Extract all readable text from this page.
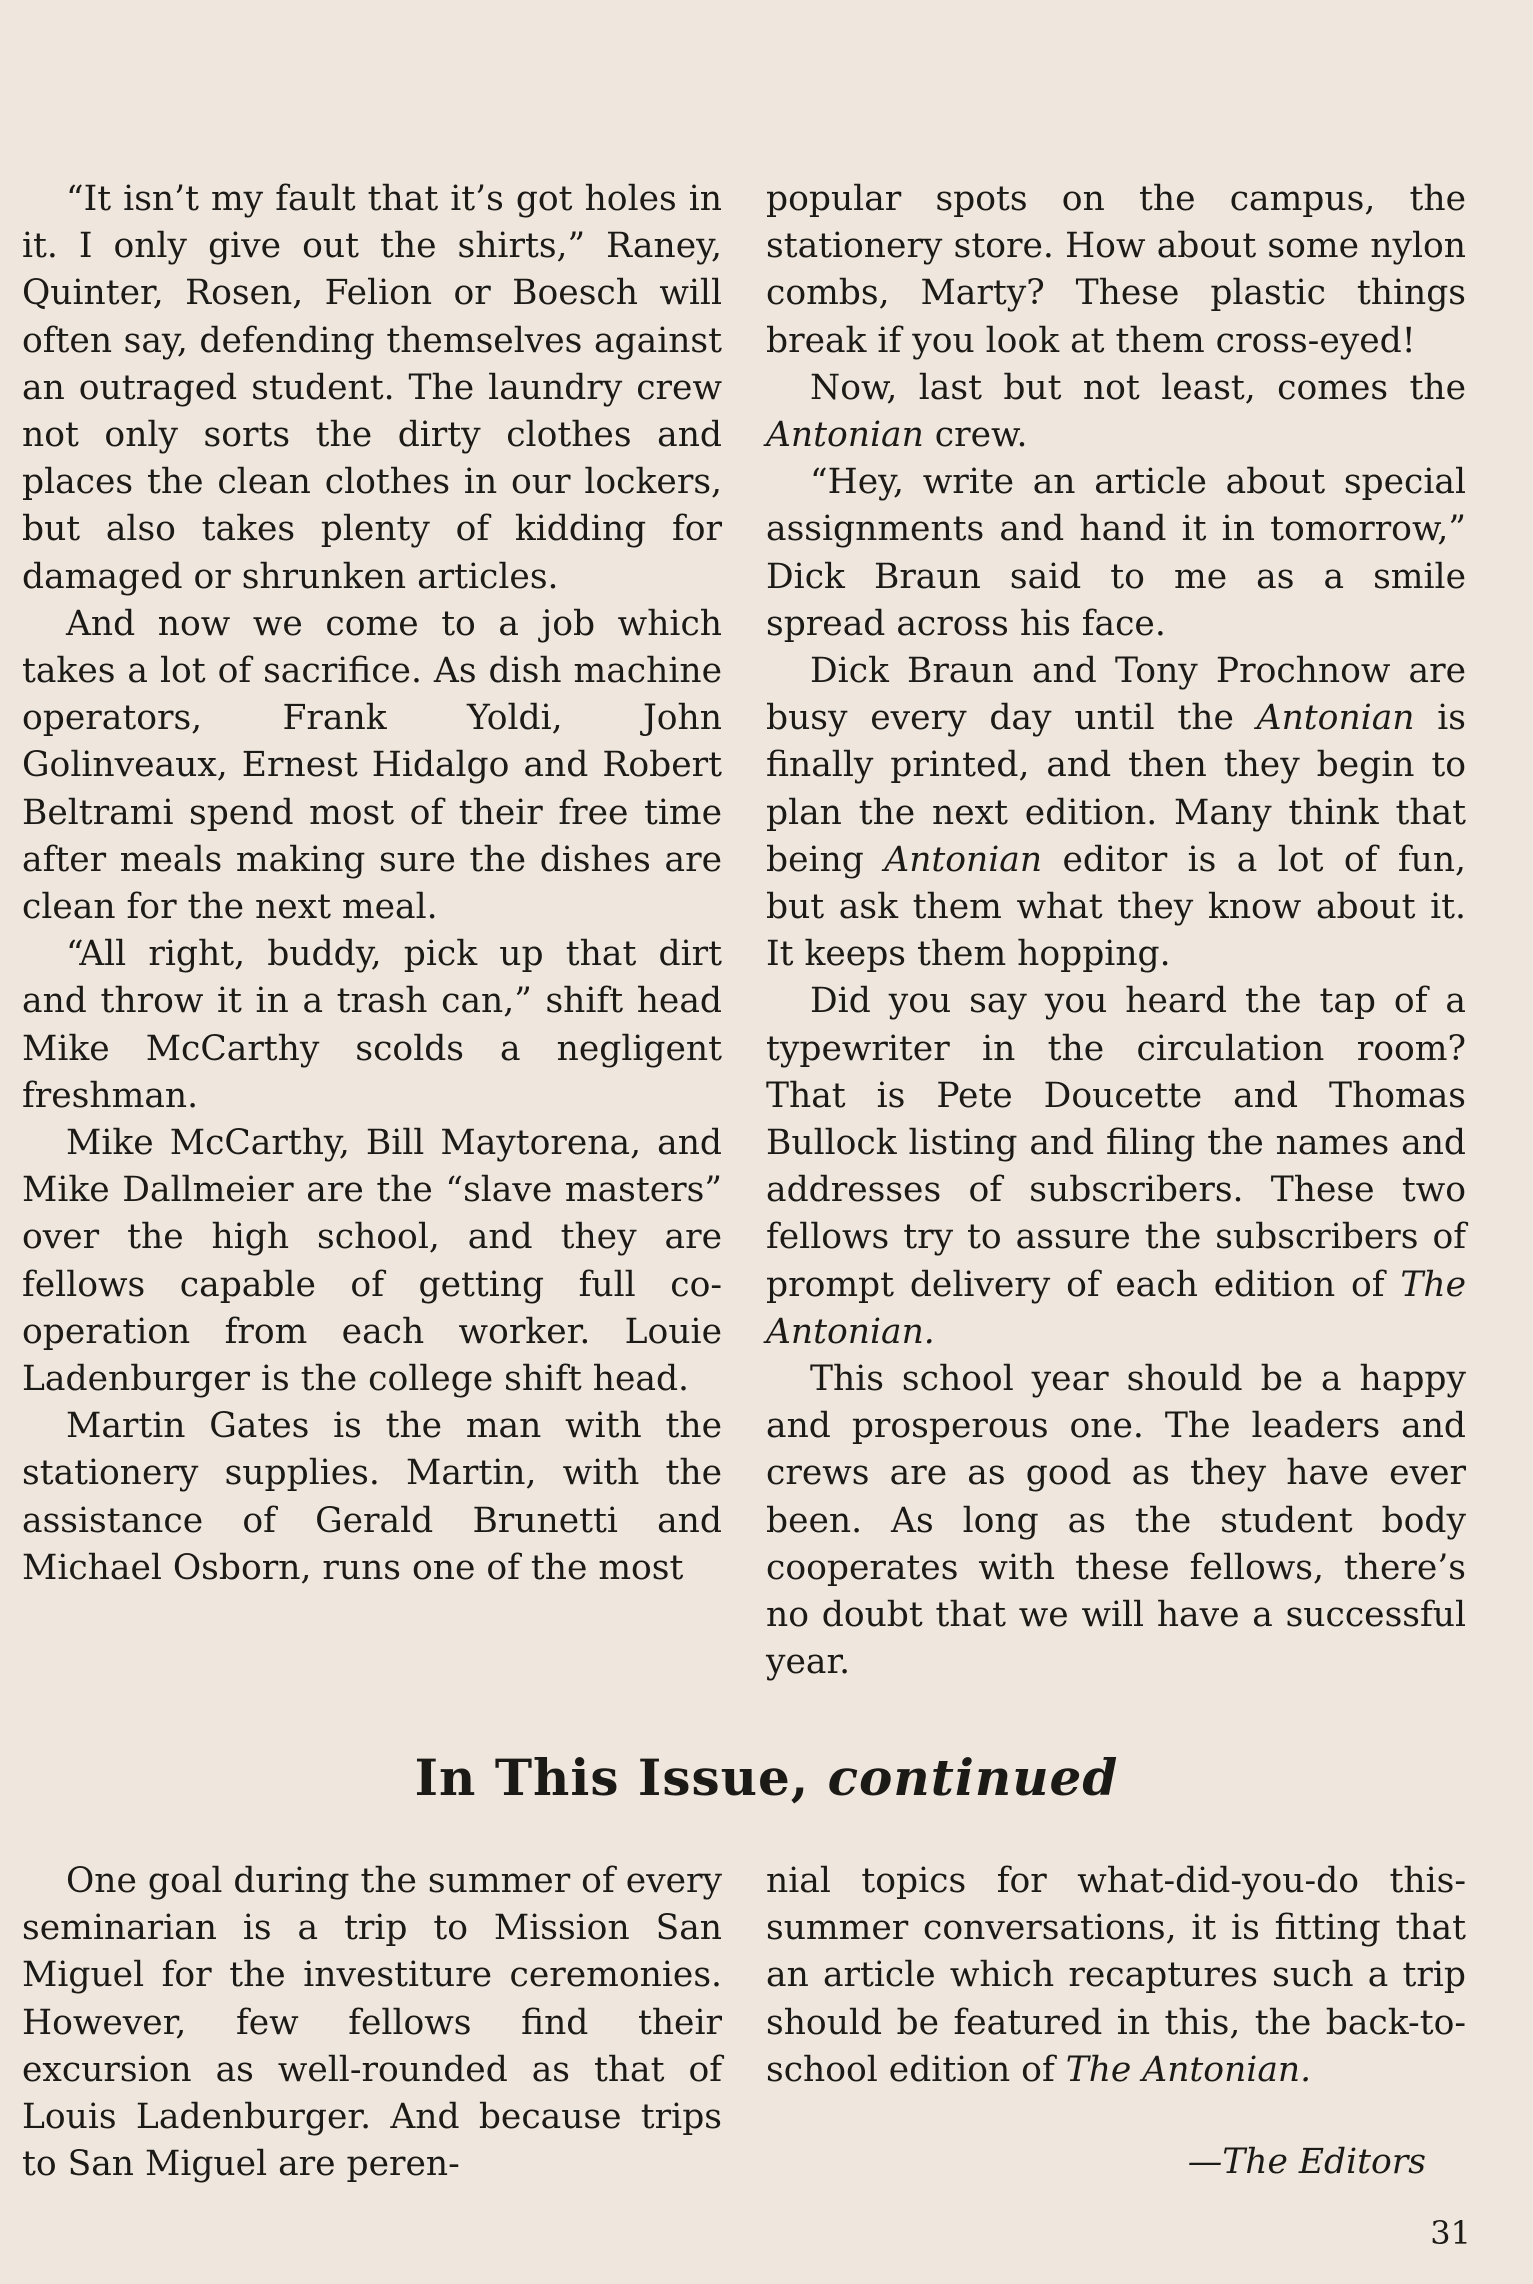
“It isn’t my fault that it’s got holes in it. I only give out the shirts,” Raney, Quinter, Rosen, Felion or Boesch will often say, defending themselves against an outraged student. The laundry crew not only sorts the dirty clothes and places the clean clothes in our lockers, but also takes plenty of kidding for damaged or shrunken articles.

And now we come to a job which takes a lot of sacrifice. As dish machine operators, Frank Yoldi, John Golinveaux, Ernest Hidalgo and Robert Beltrami spend most of their free time after meals making sure the dishes are clean for the next meal.

“All right, buddy, pick up that dirt and throw it in a trash can,” shift head Mike McCarthy scolds a negligent freshman.

Mike McCarthy, Bill Maytorena, and Mike Dallmeier are the “slave masters” over the high school, and they are fellows capable of getting full co-operation from each worker. Louie Ladenburger is the college shift head.

Martin Gates is the man with the stationery supplies. Martin, with the assistance of Gerald Brunetti and Michael Osborn, runs one of the most

popular spots on the campus, the stationery store. How about some nylon combs, Marty? These plastic things break if you look at them cross-eyed!

Now, last but not least, comes the Antonian crew.

“Hey, write an article about special assignments and hand it in tomorrow,” Dick Braun said to me as a smile spread across his face.

Dick Braun and Tony Prochnow are busy every day until the Antonian is finally printed, and then they begin to plan the next edition. Many think that being Antonian editor is a lot of fun, but ask them what they know about it. It keeps them hopping.

Did you say you heard the tap of a typewriter in the circulation room? That is Pete Doucette and Thomas Bullock listing and filing the names and addresses of subscribers. These two fellows try to assure the subscribers of prompt delivery of each edition of The Antonian.

This school year should be a happy and prosperous one. The leaders and crews are as good as they have ever been. As long as the student body cooperates with these fellows, there’s no doubt that we will have a successful year.

In This Issue, continued

One goal during the summer of every seminarian is a trip to Mission San Miguel for the investiture ceremonies. However, few fellows find their excursion as well-rounded as that of Louis Ladenburger. And because trips to San Miguel are peren-

nial topics for what-did-you-do this-summer conversations, it is fitting that an article which recaptures such a trip should be featured in this, the back-to-school edition of The Antonian.

—The Editors
31
